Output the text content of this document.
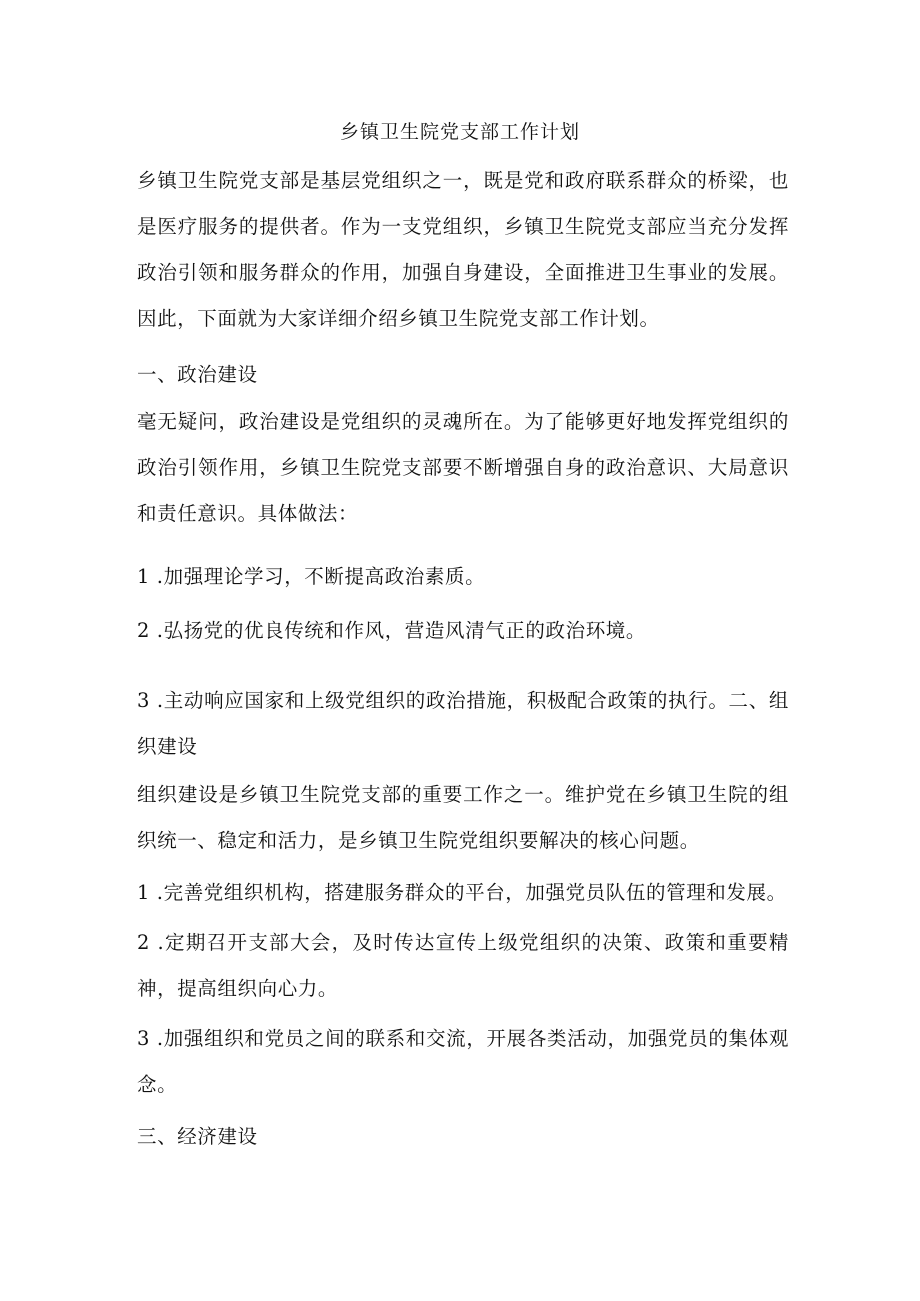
乡镇卫生院党支部工作计划

乡镇卫生院党支部是基层党组织之一，既是党和政府联系群众的桥梁，也是医疗服务的提供者。作为一支党组织，乡镇卫生院党支部应当充分发挥政治引领和服务群众的作用，加强自身建设，全面推进卫生事业的发展。因此，下面就为大家详细介绍乡镇卫生院党支部工作计划。

一、政治建设

毫无疑问，政治建设是党组织的灵魂所在。为了能够更好地发挥党组织的政治引领作用，乡镇卫生院党支部要不断增强自身的政治意识、大局意识和责任意识。具体做法：

1 .加强理论学习，不断提高政治素质。

2 .弘扬党的优良传统和作风，营造风清气正的政治环境。

3 .主动响应国家和上级党组织的政治措施，积极配合政策的执行。二、组织建设

组织建设是乡镇卫生院党支部的重要工作之一。维护党在乡镇卫生院的组织统一、稳定和活力，是乡镇卫生院党组织要解决的核心问题。

1 .完善党组织机构，搭建服务群众的平台，加强党员队伍的管理和发展。

2 .定期召开支部大会，及时传达宣传上级党组织的决策、政策和重要精神，提高组织向心力。

3 .加强组织和党员之间的联系和交流，开展各类活动，加强党员的集体观念。

三、经济建设
